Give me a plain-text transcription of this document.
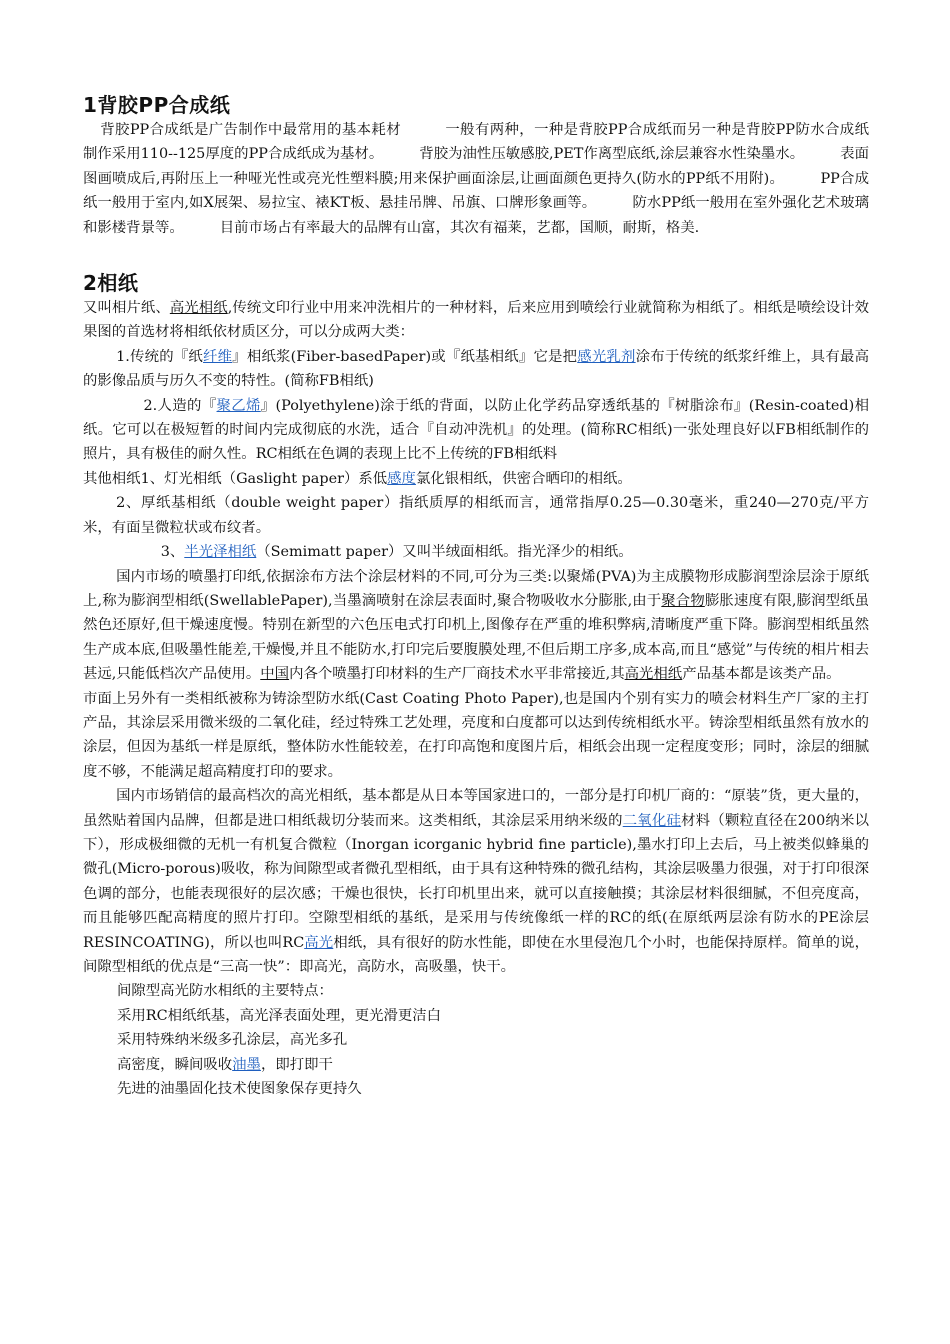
1背胶PP合成纸

背胶PP合成纸是广告制作中最常用的基本耗材　　　一般有两种，一种是背胶PP合成纸而另一种是背胶PP防水合成纸　　　制作采用110--125厚度的PP合成纸成为基材。　　　背胶为油性压敏感胶,PET作离型底纸,涂层兼容水性染墨水。　　　表面图画喷成后,再附压上一种哑光性或亮光性塑料膜;用来保护画面涂层,让画面颜色更持久(防水的PP纸不用附)。　　　PP合成纸一般用于室内,如X展架、易拉宝、裱KT板、悬挂吊牌、吊旗、口牌形象画等。　　　防水PP纸一般用在室外强化艺术玻璃和影楼背景等。　　　目前市场占有率最大的品牌有山富，其次有福莱，艺都，国顺，耐斯，格美.

2相纸

又叫相片纸、高光相纸,传统文印行业中用来冲洗相片的一种材料，后来应用到喷绘行业就简称为相纸了。相纸是喷绘设计效果图的首选材将相纸依材质区分，可以分成两大类：

1.传统的『纸纤维』相纸浆(Fiber-basedPaper)或『纸基相纸』它是把感光乳剂涂布于传统的纸浆纤维上，具有最高的影像品质与历久不变的特性。(简称FB相纸)

2.人造的『聚乙烯』(Polyethylene)涂于纸的背面，以防止化学药品穿透纸基的『树脂涂布』(Resin-coated)相纸。它可以在极短暂的时间内完成彻底的水洗，适合『自动冲洗机』的处理。(简称RC相纸)一张处理良好以FB相纸制作的照片，具有极佳的耐久性。RC相纸在色调的表现上比不上传统的FB相纸料

其他相纸1、灯光相纸（Gaslight paper）系低感度氯化银相纸，供密合晒印的相纸。

2、厚纸基相纸（double weight paper）指纸质厚的相纸而言，通常指厚0.25—0.30毫米，重240—270克/平方米，有面呈微粒状或布纹者。

3、半光泽相纸（Semimatt paper）又叫半绒面相纸。指光泽少的相纸。

国内市场的喷墨打印纸,依据涂布方法个涂层材料的不同,可分为三类:以聚烯(PVA)为主成膜物形成膨润型涂层涂于原纸上,称为膨润型相纸(SwellablePaper),当墨滴喷射在涂层表面时,聚合物吸收水分膨胀,由于聚合物膨胀速度有限,膨润型纸虽然色还原好,但干燥速度慢。特别在新型的六色压电式打印机上,图像存在严重的堆积弊病,清晰度严重下降。膨润型相纸虽然生产成本底,但吸墨性能差,干燥慢,并且不能防水,打印完后要腹膜处理,不但后期工序多,成本高,而且“感觉”与传统的相片相去甚远,只能低档次产品使用。中国内各个喷墨打印材料的生产厂商技术水平非常接近,其高光相纸产品基本都是该类产品。

市面上另外有一类相纸被称为铸涂型防水纸(Cast Coating Photo Paper),也是国内个别有实力的喷会材料生产厂家的主打产品，其涂层采用微米级的二氧化硅，经过特殊工艺处理，亮度和白度都可以达到传统相纸水平。铸涂型相纸虽然有放水的涂层，但因为基纸一样是原纸，整体防水性能较差，在打印高饱和度图片后，相纸会出现一定程度变形；同时，涂层的细腻度不够，不能满足超高精度打印的要求。

国内市场销信的最高档次的高光相纸，基本都是从日本等国家进口的，一部分是打印机厂商的：“原装”货，更大量的，虽然贴着国内品牌，但都是进口相纸裁切分装而来。这类相纸，其涂层采用纳米级的二氧化硅材料（颗粒直径在200纳米以下），形成极细微的无机一有机复合微粒（Inorgan icorganic hybrid fine particle),墨水打印上去后，马上被类似蜂巢的微孔(Micro-porous)吸收，称为间隙型或者微孔型相纸，由于具有这种特殊的微孔结构，其涂层吸墨力很强，对于打印很深色调的部分，也能表现很好的层次感；干燥也很快，长打印机里出来，就可以直接触摸；其涂层材料很细腻，不但亮度高，而且能够匹配高精度的照片打印。空隙型相纸的基纸，是采用与传统像纸一样的RC的纸(在原纸两层涂有防水的PE涂层RESINCOATING)，所以也叫RC高光相纸，具有很好的防水性能，即使在水里侵泡几个小时，也能保持原样。简单的说，间隙型相纸的优点是“三高一快”：即高光，高防水，高吸墨，快干。

间隙型高光防水相纸的主要特点：

采用RC相纸纸基，高光泽表面处理，更光滑更洁白

采用特殊纳米级多孔涂层，高光多孔

高密度，瞬间吸收油墨，即打即干

先进的油墨固化技术使图象保存更持久
